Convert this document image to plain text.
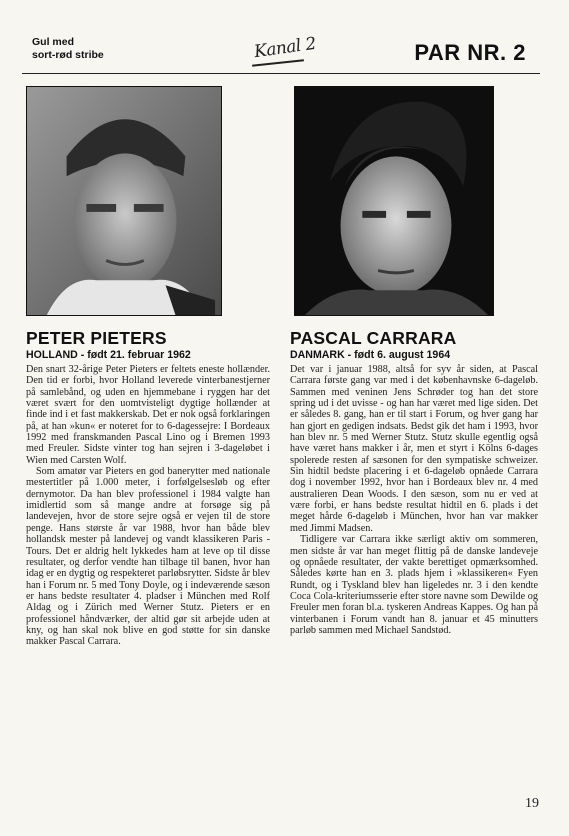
Gul med
sort-rød stribe	Kanal 2	PAR NR. 2
PETER PIETERS
HOLLAND - født 21. februar 1962

Den snart 32-årige Peter Pieters er feltets eneste hollænder. Den tid er forbi, hvor Holland leverede vinterbanestjerner på samlebånd, og uden en hjemmebane i ryggen har det været svært for den uomtvisteligt dygtige hollænder at finde ind i et fast makkerskab. Det er nok også forklaringen på, at han »kun« er noteret for to 6-dagessejre: I Bordeaux 1992 med franskmanden Pascal Lino og i Bremen 1993 med Freuler. Sidste vinter tog han sejren i 3-dageløbet i Wien med Carsten Wolf.

Som amatør var Pieters en god banerytter med nationale mestertitler på 1.000 meter, i forfølgelsesløb og efter dernymotor. Da han blev professionel i 1984 valgte han imidlertid som så mange andre at forsøge sig på landevejen, hvor de store sejre også er vejen til de store penge. Hans største år var 1988, hvor han både blev hollandsk mester på landevej og vandt klassikeren Paris - Tours. Det er aldrig helt lykkedes ham at leve op til disse resultater, og derfor vendte han tilbage til banen, hvor han idag er en dygtig og respekteret parløbsrytter. Sidste år blev han i Forum nr. 5 med Tony Doyle, og i indeværende sæson er hans bedste resultater 4. pladser i München med Rolf Aldag og i Zürich med Werner Stutz. Pieters er en professionel håndværker, der altid gør sit arbejde uden at kny, og han skal nok blive en god støtte for sin danske makker Pascal Carrara.

PASCAL CARRARA
DANMARK - født 6. august 1964

Det var i januar 1988, altså for syv år siden, at Pascal Carrara første gang var med i det københavnske 6-dageløb. Sammen med veninen Jens Schrøder tog han det store spring ud i det uvisse - og han har været med lige siden. Det er således 8. gang, han er til start i Forum, og hver gang har han gjort en gedigen indsats. Bedst gik det ham i 1993, hvor han blev nr. 5 med Werner Stutz. Stutz skulle egentlig også have været hans makker i år, men et styrt i Kölns 6-dages spolerede resten af sæsonen for den sympatiske schweizer. Sin hidtil bedste placering i et 6-dageløb opnåede Carrara dog i november 1992, hvor han i Bordeaux blev nr. 4 med australieren Dean Woods. I den sæson, som nu er ved at være forbi, er hans bedste resultat hidtil en 6. plads i det meget hårde 6-dageløb i München, hvor han var makker med Jimmi Madsen.

Tidligere var Carrara ikke særligt aktiv om sommeren, men sidste år var han meget flittig på de danske landeveje og opnåede resultater, der vakte berettiget opmærksomhed. Således kørte han en 3. plads hjem i »klassikeren« Fyen Rundt, og i Tyskland blev han ligeledes nr. 3 i den kendte Coca Cola-kriteriumsserie efter store navne som Dewilde og Freuler men foran bl.a. tyskeren Andreas Kappes. Og han på vinterbanen i Forum vandt han 8. januar et 45 minutters parløb sammen med Michael Sandstød.

19
